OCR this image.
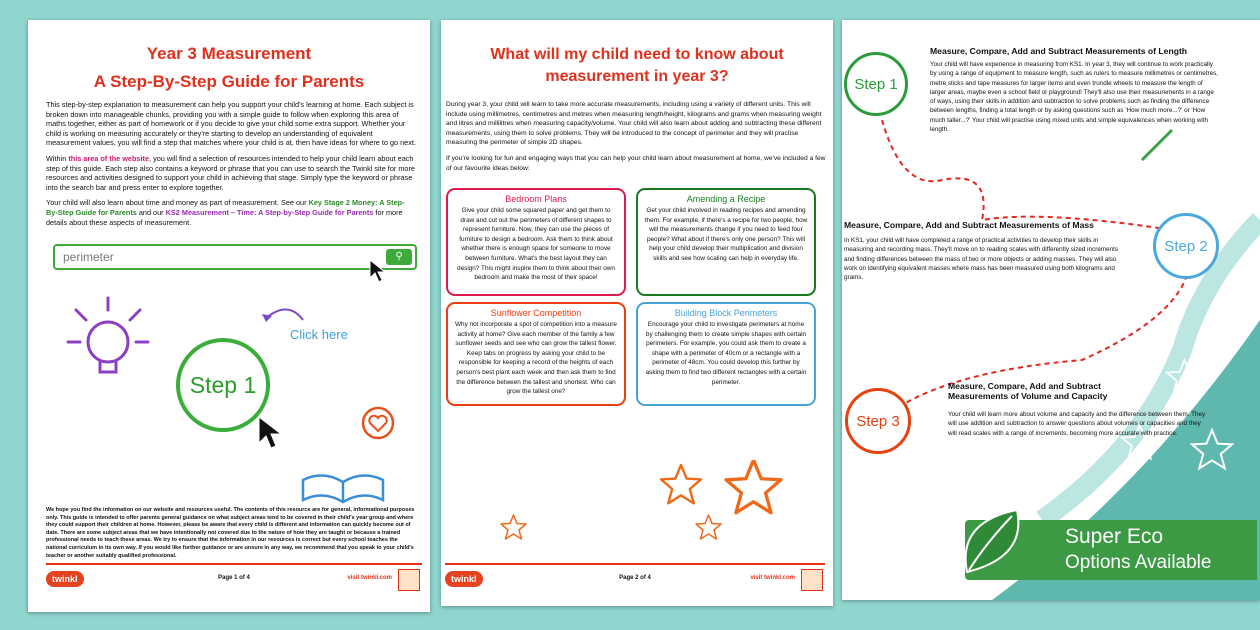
Year 3 Measurement
A Step-By-Step Guide for Parents

This step-by-step explanation to measurement can help you support your child's learning at home. Each subject is broken down into manageable chunks, providing you with a simple guide to follow when exploring this area of maths together, either as part of homework or if you decide to give your child some extra support. Whether your child is working on measuring accurately or they're starting to develop an understanding of equivalent measurement values, you will find a step that matches where your child is at, then have ideas for where to go next.

Within this area of the website, you will find a selection of resources intended to help your child learn about each step of this guide. Each step also contains a keyword or phrase that you can use to search the Twinkl site for more resources and activities designed to support your child in achieving that stage. Simply type the keyword or phrase into the search bar and press enter to explore together.

Your child will also learn about time and money as part of measurement. See our Key Stage 2 Money: A Step-By-Step Guide for Parents and our KS2 Measurement – Time: A Step-by-Step Guide for Parents for more details about these aspects of measurement.

perimeter
⚲
Click here
Step 1
We hope you find the information on our website and resources useful. The contents of this resource are for general, informational purposes only. This guide is intended to offer parents general guidance on what subject areas tend to be covered in their child's year group and where they could support their children at home. However, please be aware that every child is different and information can quickly become out of date. There are some subject areas that we have intentionally not covered due to the nature of how they are taught or because a trained professional needs to teach these areas. We try to ensure that the information in our resources is correct but every school teaches the national curriculum in its own way. If you would like further guidance or are unsure in any way, we recommend that you speak to your child's teacher or another suitably qualified professional.
twinkl	Page 1 of 4	visit twinkl.com
What will my child need to know about
measurement in year 3?

During year 3, your child will learn to take more accurate measurements, including using a variety of different units. This will include using millimetres, centimetres and metres when measuring length/height, kilograms and grams when measuring weight and litres and millilitres when measuring capacity/volume. Your child will also learn about adding and subtracting these different measurements, using them to solve problems. They will be introduced to the concept of perimeter and they will practise measuring the perimeter of simple 2D shapes.

If you're looking for fun and engaging ways that you can help your child learn about measurement at home, we've included a few of our favourite ideas below:

Bedroom Plans
Give your child some squared paper and get them to draw and cut out the perimeters of different shapes to represent furniture. Now, they can use the pieces of furniture to design a bedroom. Ask them to think about whether there is enough space for someone to move between furniture. What's the best layout they can design? This might inspire them to think about their own bedroom and make the most of their space!
Amending a Recipe
Get your child involved in reading recipes and amending them. For example, if there's a recipe for two people, how will the measurements change if you need to feed four people? What about if there's only one person? This will help your child develop their multiplication and division skills and see how scaling can help in everyday life.
Sunflower Competition
Why not incorporate a spot of competition into a measure activity at home? Give each member of the family a few sunflower seeds and see who can grow the tallest flower. Keep tabs on progress by asking your child to be responsible for keeping a record of the heights of each person's best plant each week and then ask them to find the difference between the tallest and shortest. Who can grow the tallest one?
Building Block Perimeters
Encourage your child to investigate perimeters at home by challenging them to create simple shapes with certain perimeters. For example, you could ask them to create a shape with a perimeter of 40cm or a rectangle with a perimeter of 48cm. You could develop this further by asking them to find two different rectangles with a certain perimeter.
twinkl	Page 2 of 4	visit twinkl.com
Step 1
Measure, Compare, Add and Subtract Measurements of Length
Your child will have experience in measuring from KS1. In year 3, they will continue to work practically by using a range of equipment to measure length, such as rulers to measure millimetres or centimetres, metre sticks and tape measures for larger items and even trundle wheels to measure the length of larger areas, maybe even a school field or playground! They'll also use their measurements in a range of ways, using their skills in addition and subtraction to solve problems such as finding the difference between lengths, finding a total length or by asking questions such as 'How much more...?' or 'How much taller...?' Your child will practise using mixed units and simple equivalences when working with length.
Measure, Compare, Add and Subtract Measurements of Mass
In KS1, your child will have completed a range of practical activities to develop their skills in measuring and recording mass. They'll move on to reading scales with differently sized increments and finding differences between the mass of two or more objects or adding masses. They will also work on identifying equivalent masses where mass has been measured using both kilograms and grams.
Step 2
Step 3
Measure, Compare, Add and Subtract Measurements of Volume and Capacity
Your child will learn more about volume and capacity and the difference between them. They will use addition and subtraction to answer questions about volumes or capacities and they will read scales with a range of increments, becoming more accurate with practice.
Super Eco
Options Available
